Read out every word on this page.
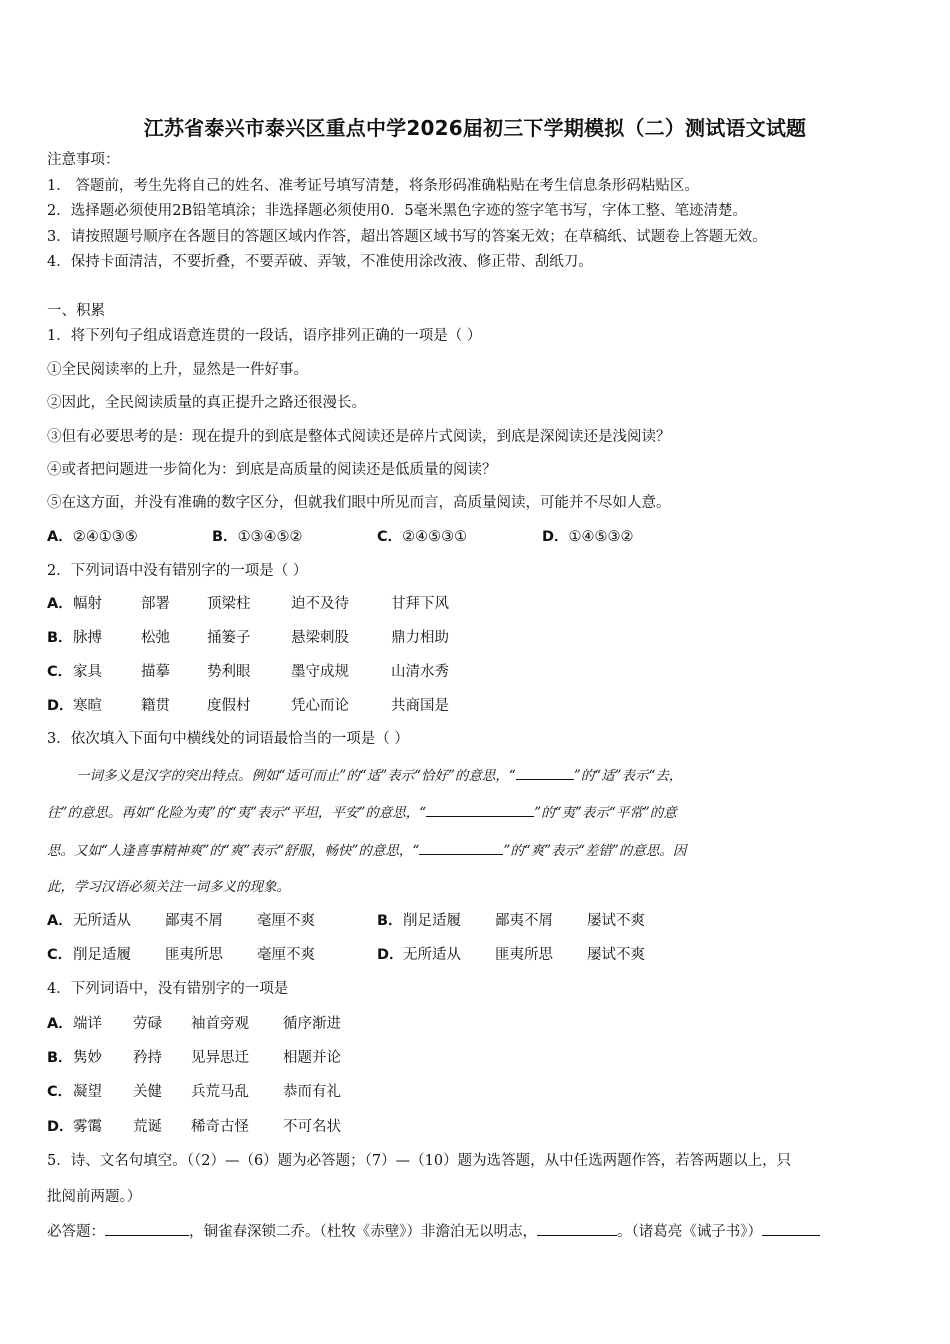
江苏省泰兴市泰兴区重点中学2026届初三下学期模拟（二）测试语文试题
注意事项：
1． 答题前，考生先将自己的姓名、准考证号填写清楚，将条形码准确粘贴在考生信息条形码粘贴区。
2．选择题必须使用2B铅笔填涂；非选择题必须使用0．5毫米黑色字迹的签字笔书写，字体工整、笔迹清楚。
3．请按照题号顺序在各题目的答题区域内作答，超出答题区域书写的答案无效；在草稿纸、试题卷上答题无效。
4．保持卡面清洁，不要折叠，不要弄破、弄皱，不准使用涂改液、修正带、刮纸刀。
一、积累
1．将下列句子组成语意连贯的一段话，语序排列正确的一项是（ ）
①全民阅读率的上升，显然是一件好事。
②因此，全民阅读质量的真正提升之路还很漫长。
③但有必要思考的是：现在提升的到底是整体式阅读还是碎片式阅读，到底是深阅读还是浅阅读？
④或者把问题进一步简化为：到底是高质量的阅读还是低质量的阅读？
⑤在这方面，并没有准确的数字区分，但就我们眼中所见而言，高质量阅读，可能并不尽如人意。
A．②④①③⑤	B．①③④⑤②	C．②④⑤③①	D．①④⑤③②
2．下列词语中没有错别字的一项是（ ）
A．幅射	部署	顶梁柱	迫不及待	甘拜下风
B．脉搏	松弛	捅篓子	悬梁刺股	鼎力相助
C．家具	描摹	势利眼	墨守成规	山清水秀
D．寒暄	籍贯	度假村	凭心而论	共商国是
3．依次填入下面句中横线处的词语最恰当的一项是（ ）
一词多义是汉字的突出特点。例如“适可而止”的“适”表示“恰好”的意思，“	”的“适”表示“去，
往”的意思。再如“化险为夷”的“夷”表示“平坦，平安”的意思，“	”的“夷”表示“平常”的意
思。又如“人逢喜事精神爽”的“爽”表示“舒服，畅快”的意思，“	”的“爽”表示“差错”的意思。因
此，学习汉语必须关注一词多义的现象。
A．无所适从 鄙夷不屑 毫厘不爽	B．削足适履 鄙夷不屑 屡试不爽
C．削足适履 匪夷所思 毫厘不爽	D．无所适从 匪夷所思 屡试不爽
4．下列词语中，没有错别字的一项是
A．端详 劳碌 袖首旁观 循序渐进
B．隽妙 矜持 见异思迁 相题并论
C．凝望 关健 兵荒马乱 恭而有礼
D．雾霭 荒诞 稀奇古怪 不可名状
5．诗、文名句填空。（（2）—（6）题为必答题；（7）—（10）题为选答题，从中任选两题作答，若答两题以上，只
批阅前两题。）
必答题：	，铜雀春深锁二乔。（杜牧《赤壁》）非澹泊无以明志，	。（诸葛亮《诫子书》）
